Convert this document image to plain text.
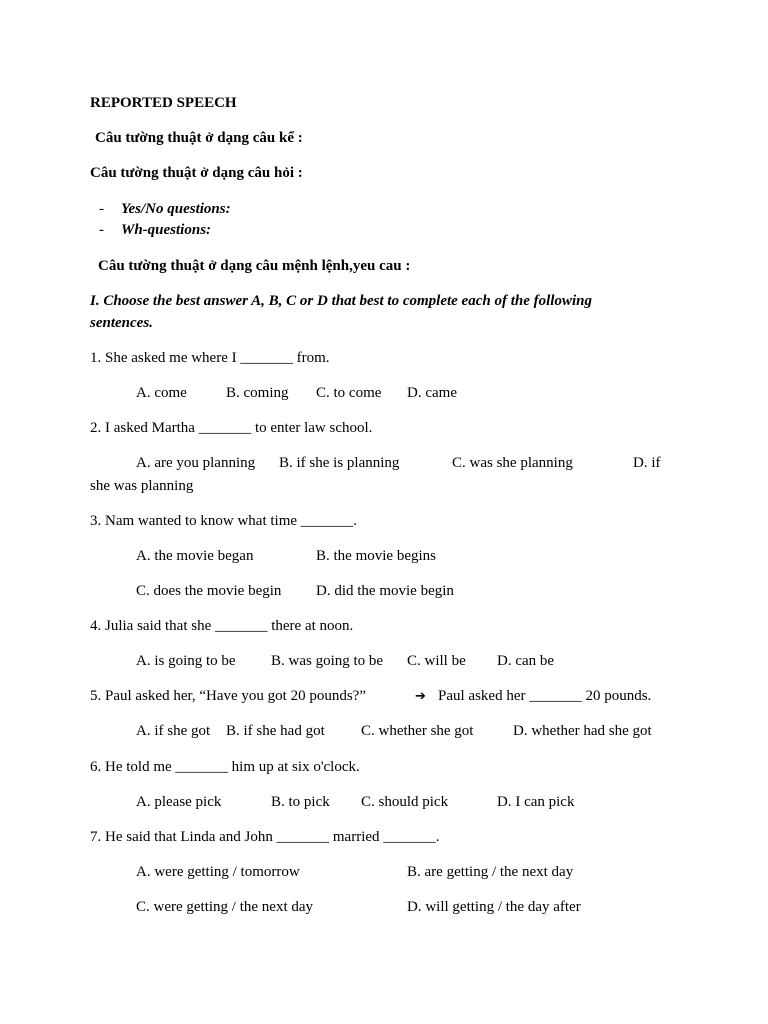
REPORTED SPEECH
Câu tường thuật ở dạng câu kể :
Câu tường thuật ở dạng câu hỏi :
- Yes/No questions:
- Wh-questions:
Câu tường thuật ở dạng câu mệnh lệnh,yeu cau :
I. Choose the best answer A, B, C or D that best to complete each of the following
sentences.
1. She asked me where I _______ from.
A. come	B. coming C. to come D. came
2. I asked Martha _______ to enter law school.
A. are you planning B. if she is planning	C. was she planning	D. if
she was planning
3. Nam wanted to know what time _______.
A. the movie began	B. the movie begins
C. does the movie begin D. did the movie begin
4. Julia said that she _______ there at noon.
A. is going to be B. was going to be C. will be D. can be
5. Paul asked her, “Have you got 20 pounds?”	➔ Paul asked her _______ 20 pounds.
A. if she got B. if she had got C. whether she got	D. whether had she got
6. He told me _______ him up at six o'clock.
A. please pick	B. to pick C. should pick	D. I can pick
7. He said that Linda and John _______ married _______.
A. were getting / tomorrow	B. are getting / the next day
C. were getting / the next day	D. will getting / the day after
